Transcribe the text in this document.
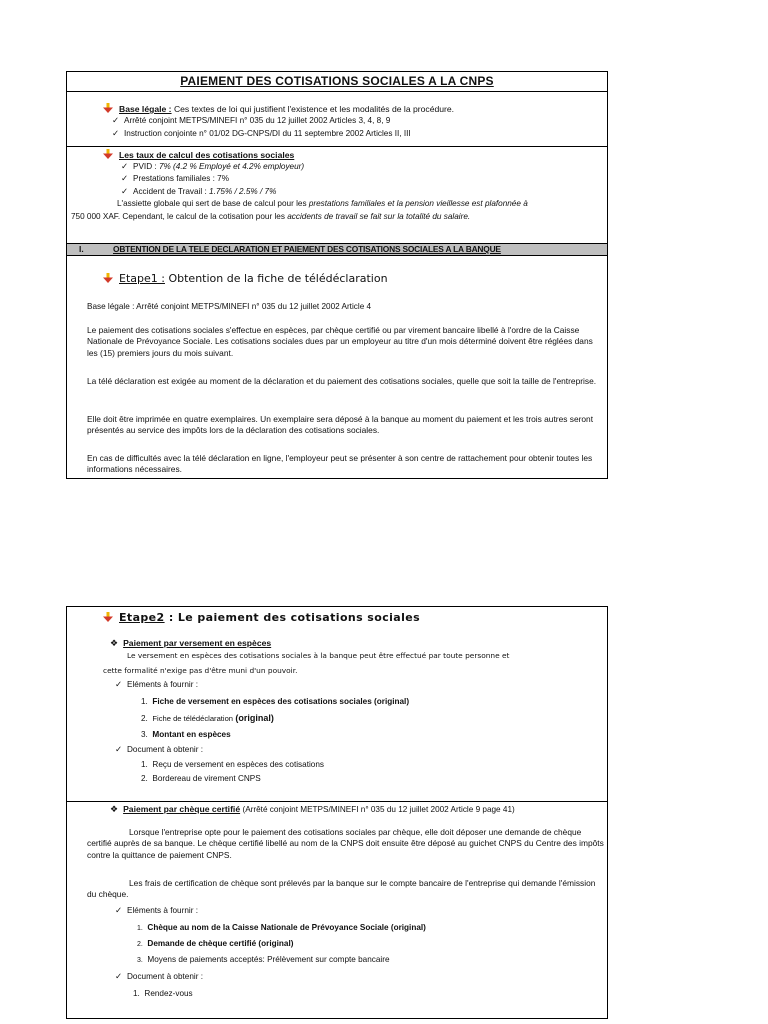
PAIEMENT DES COTISATIONS SOCIALES A LA CNPS
Base légale : Ces textes de loi qui justifient l'existence et les modalités de la procédure.
✓ Arrêté conjoint METPS/MINEFI n° 035 du 12 juillet 2002 Articles 3, 4, 8, 9
✓ Instruction conjointe n° 01/02 DG-CNPS/DI du 11 septembre 2002 Articles II, III
Les taux de calcul des cotisations sociales
✓ PVID : 7% (4.2 % Employé et 4.2% employeur)
✓ Prestations familiales : 7%
✓ Accident de Travail : 1.75% / 2.5% / 7%
L'assiette globale qui sert de base de calcul pour les prestations familiales et la pension vieillesse est plafonnée à
750 000 XAF. Cependant, le calcul de la cotisation pour les accidents de travail se fait sur la totalité du salaire.
I.	OBTENTION DE LA TELE DECLARATION ET PAIEMENT DES COTISATIONS SOCIALES A LA BANQUE
Etape1 : Obtention de la fiche de télédéclaration
Base légale : Arrêté conjoint METPS/MINEFI n° 035 du 12 juillet 2002 Article 4
Le paiement des cotisations sociales s'effectue en espèces, par chèque certifié ou par virement bancaire libellé à l'ordre de la Caisse Nationale de Prévoyance Sociale. Les cotisations sociales dues par un employeur au titre d'un mois déterminé doivent être réglées dans les (15) premiers jours du mois suivant.
La télé déclaration est exigée au moment de la déclaration et du paiement des cotisations sociales, quelle que soit la taille de l'entreprise.
Elle doit être imprimée en quatre exemplaires. Un exemplaire sera déposé à la banque au moment du paiement et les trois autres seront présentés au service des impôts lors de la déclaration des cotisations sociales.
En cas de difficultés avec la télé déclaration en ligne, l'employeur peut se présenter à son centre de rattachement pour obtenir toutes les informations nécessaires.
Etape2 : Le paiement des cotisations sociales
❖ Paiement par versement en espèces
Le versement en espèces des cotisations sociales à la banque peut être effectué par toute personne et
cette formalité n'exige pas d'être muni d'un pouvoir.
✓ Eléments à fournir :
1. Fiche de versement en espèces des cotisations sociales (original)
2. Fiche de télédéclaration (original)
3. Montant en espèces
✓ Document à obtenir :
1. Reçu de versement en espèces des cotisations
2. Bordereau de virement CNPS
❖ Paiement par chèque certifié (Arrêté conjoint METPS/MINEFI n° 035 du 12 juillet 2002 Article 9 page 41)
Lorsque l'entreprise opte pour le paiement des cotisations sociales par chèque, elle doit déposer une demande de chèque certifié auprès de sa banque. Le chèque certifié libellé au nom de la CNPS doit ensuite être déposé au guichet CNPS du Centre des impôts contre la quittance de paiement CNPS.
Les frais de certification de chèque sont prélevés par la banque sur le compte bancaire de l'entreprise qui demande l'émission du chèque.
✓ Eléments à fournir :
1. Chèque au nom de la Caisse Nationale de Prévoyance Sociale (original)
2. Demande de chèque certifié (original)
3. Moyens de paiements acceptés: Prélèvement sur compte bancaire
✓ Document à obtenir :
1. Rendez-vous
